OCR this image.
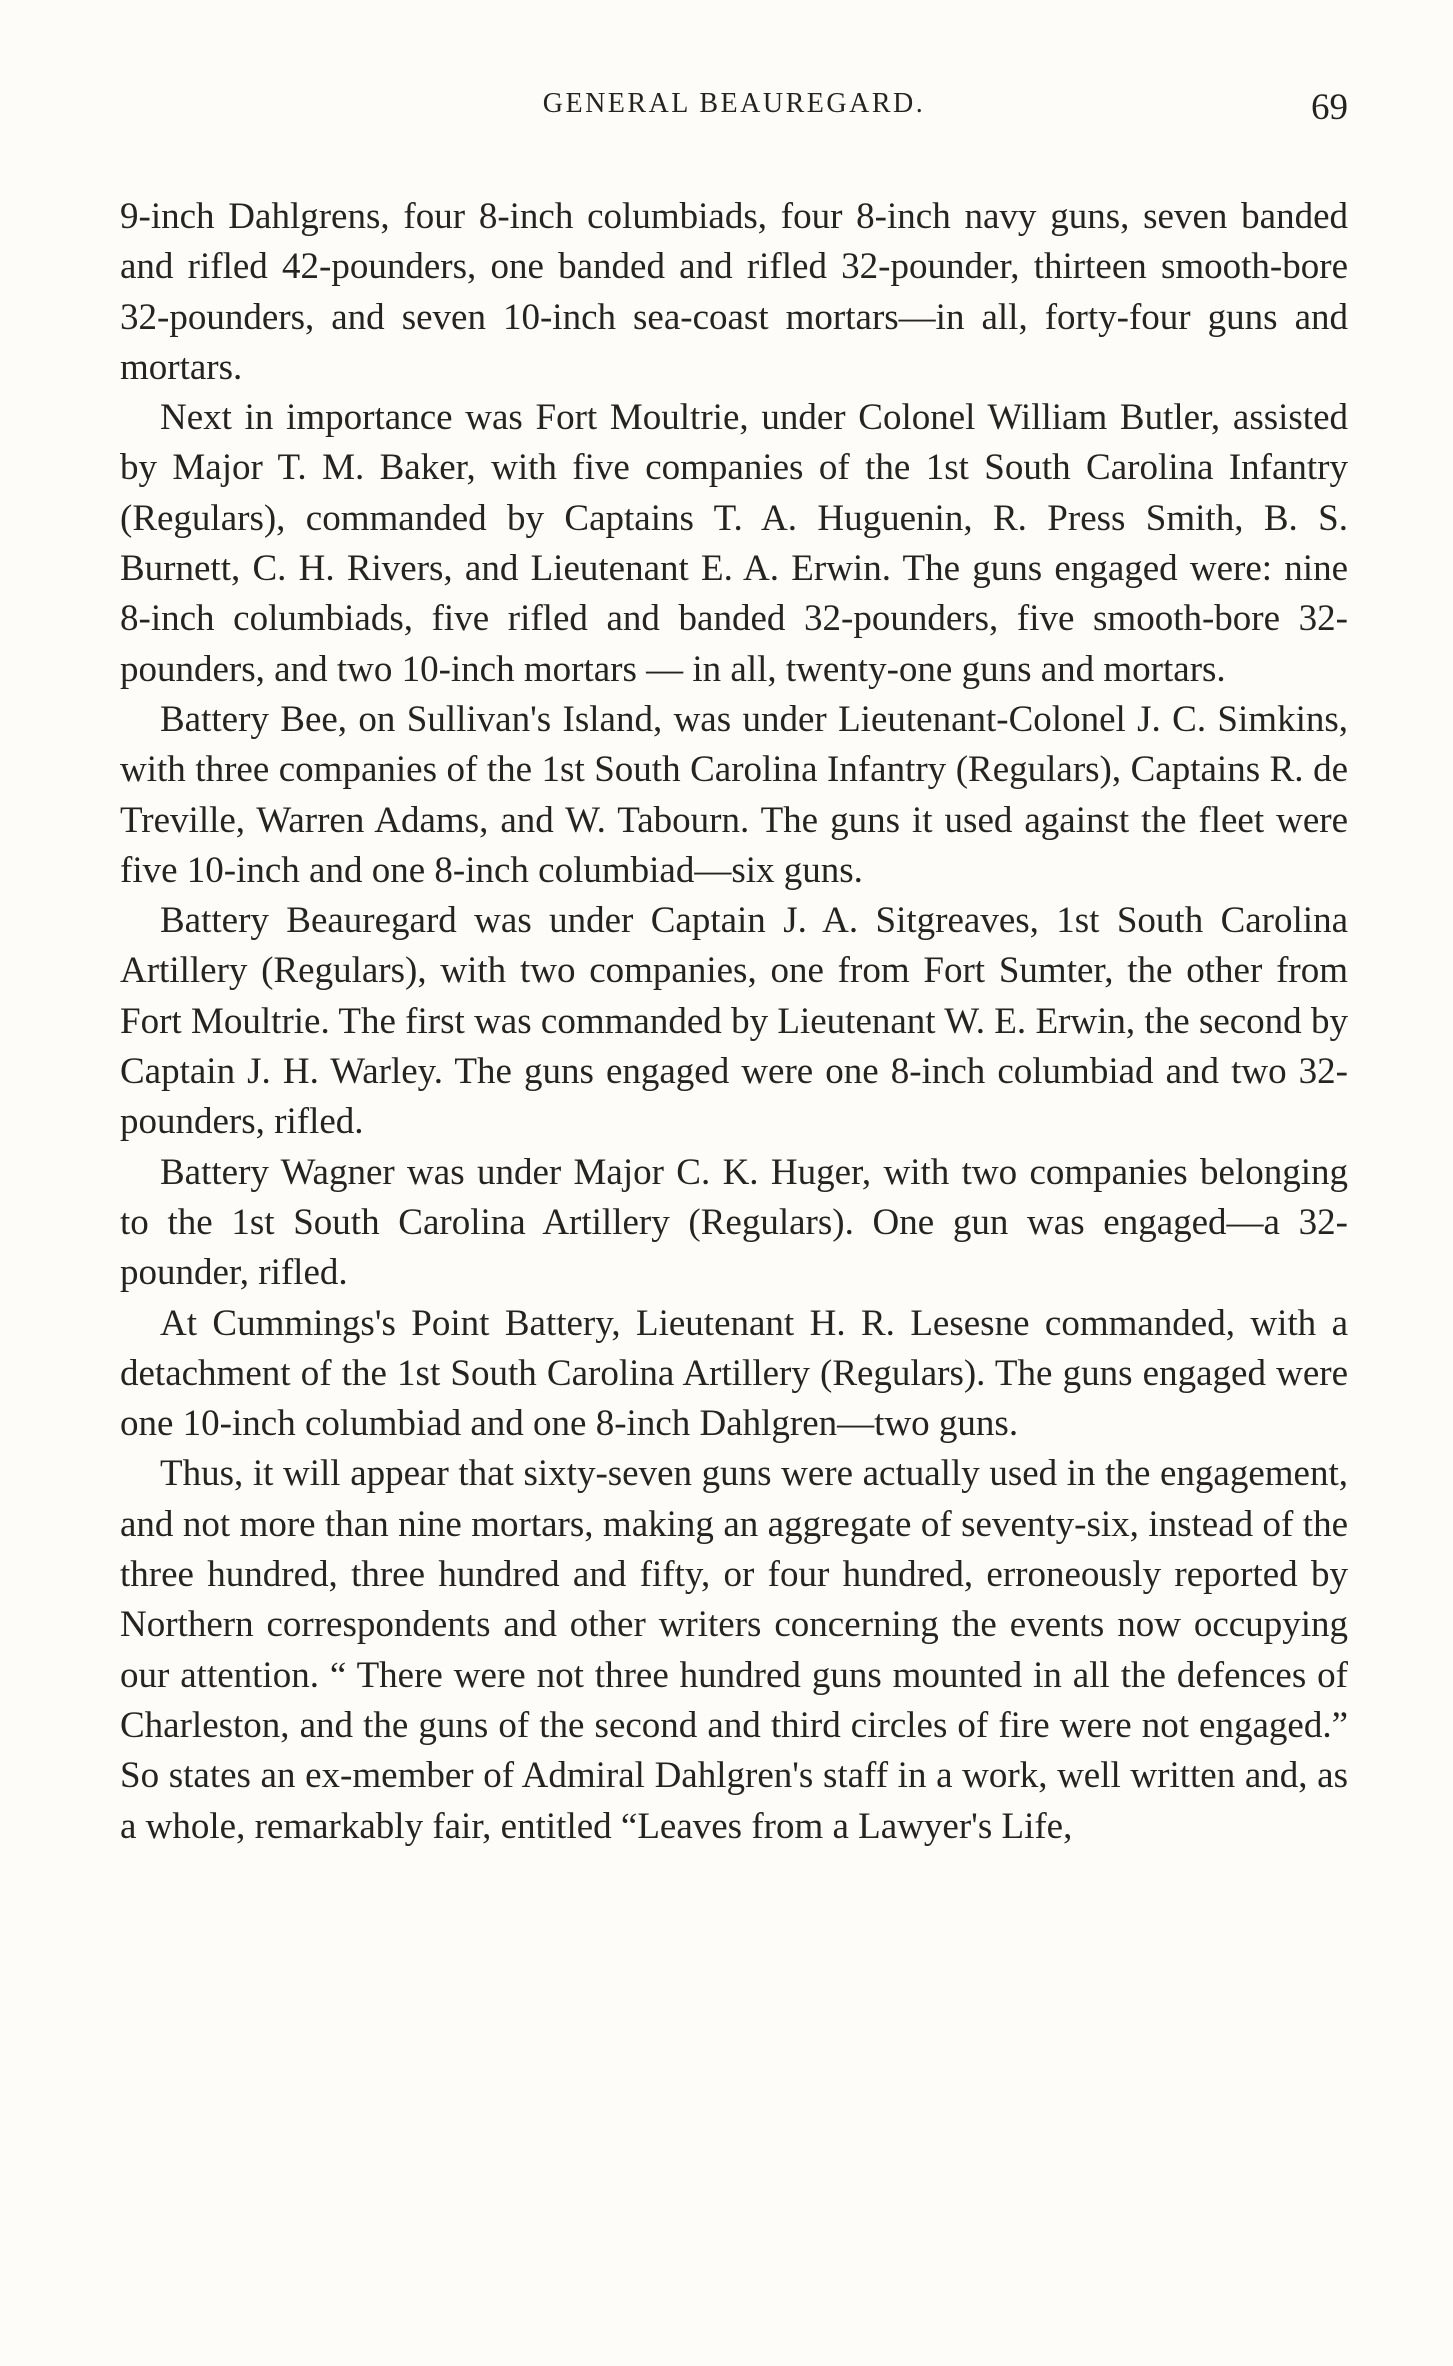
GENERAL BEAUREGARD.	69

9-inch Dahlgrens, four 8-inch columbiads, four 8-inch navy guns, seven banded and rifled 42-pounders, one banded and rifled 32-pounder, thirteen smooth-bore 32-pounders, and seven 10-inch sea-coast mortars—in all, forty-four guns and mortars.

Next in importance was Fort Moultrie, under Colonel William Butler, assisted by Major T. M. Baker, with five companies of the 1st South Carolina Infantry (Regulars), commanded by Captains T. A. Huguenin, R. Press Smith, B. S. Burnett, C. H. Rivers, and Lieutenant E. A. Erwin. The guns engaged were: nine 8-inch columbiads, five rifled and banded 32-pounders, five smooth-bore 32-pounders, and two 10-inch mortars — in all, twenty-one guns and mortars.

Battery Bee, on Sullivan's Island, was under Lieutenant-Colonel J. C. Simkins, with three companies of the 1st South Carolina Infantry (Regulars), Captains R. de Treville, Warren Adams, and W. Tabourn. The guns it used against the fleet were five 10-inch and one 8-inch columbiad—six guns.

Battery Beauregard was under Captain J. A. Sitgreaves, 1st South Carolina Artillery (Regulars), with two companies, one from Fort Sumter, the other from Fort Moultrie. The first was commanded by Lieutenant W. E. Erwin, the second by Captain J. H. Warley. The guns engaged were one 8-inch columbiad and two 32-pounders, rifled.

Battery Wagner was under Major C. K. Huger, with two companies belonging to the 1st South Carolina Artillery (Regulars). One gun was engaged—a 32-pounder, rifled.

At Cummings's Point Battery, Lieutenant H. R. Lesesne commanded, with a detachment of the 1st South Carolina Artillery (Regulars). The guns engaged were one 10-inch columbiad and one 8-inch Dahlgren—two guns.

Thus, it will appear that sixty-seven guns were actually used in the engagement, and not more than nine mortars, making an aggregate of seventy-six, instead of the three hundred, three hundred and fifty, or four hundred, erroneously reported by Northern correspondents and other writers concerning the events now occupying our attention. “ There were not three hundred guns mounted in all the defences of Charleston, and the guns of the second and third circles of fire were not engaged.” So states an ex-member of Admiral Dahlgren's staff in a work, well written and, as a whole, remarkably fair, entitled “Leaves from a Lawyer's Life,
